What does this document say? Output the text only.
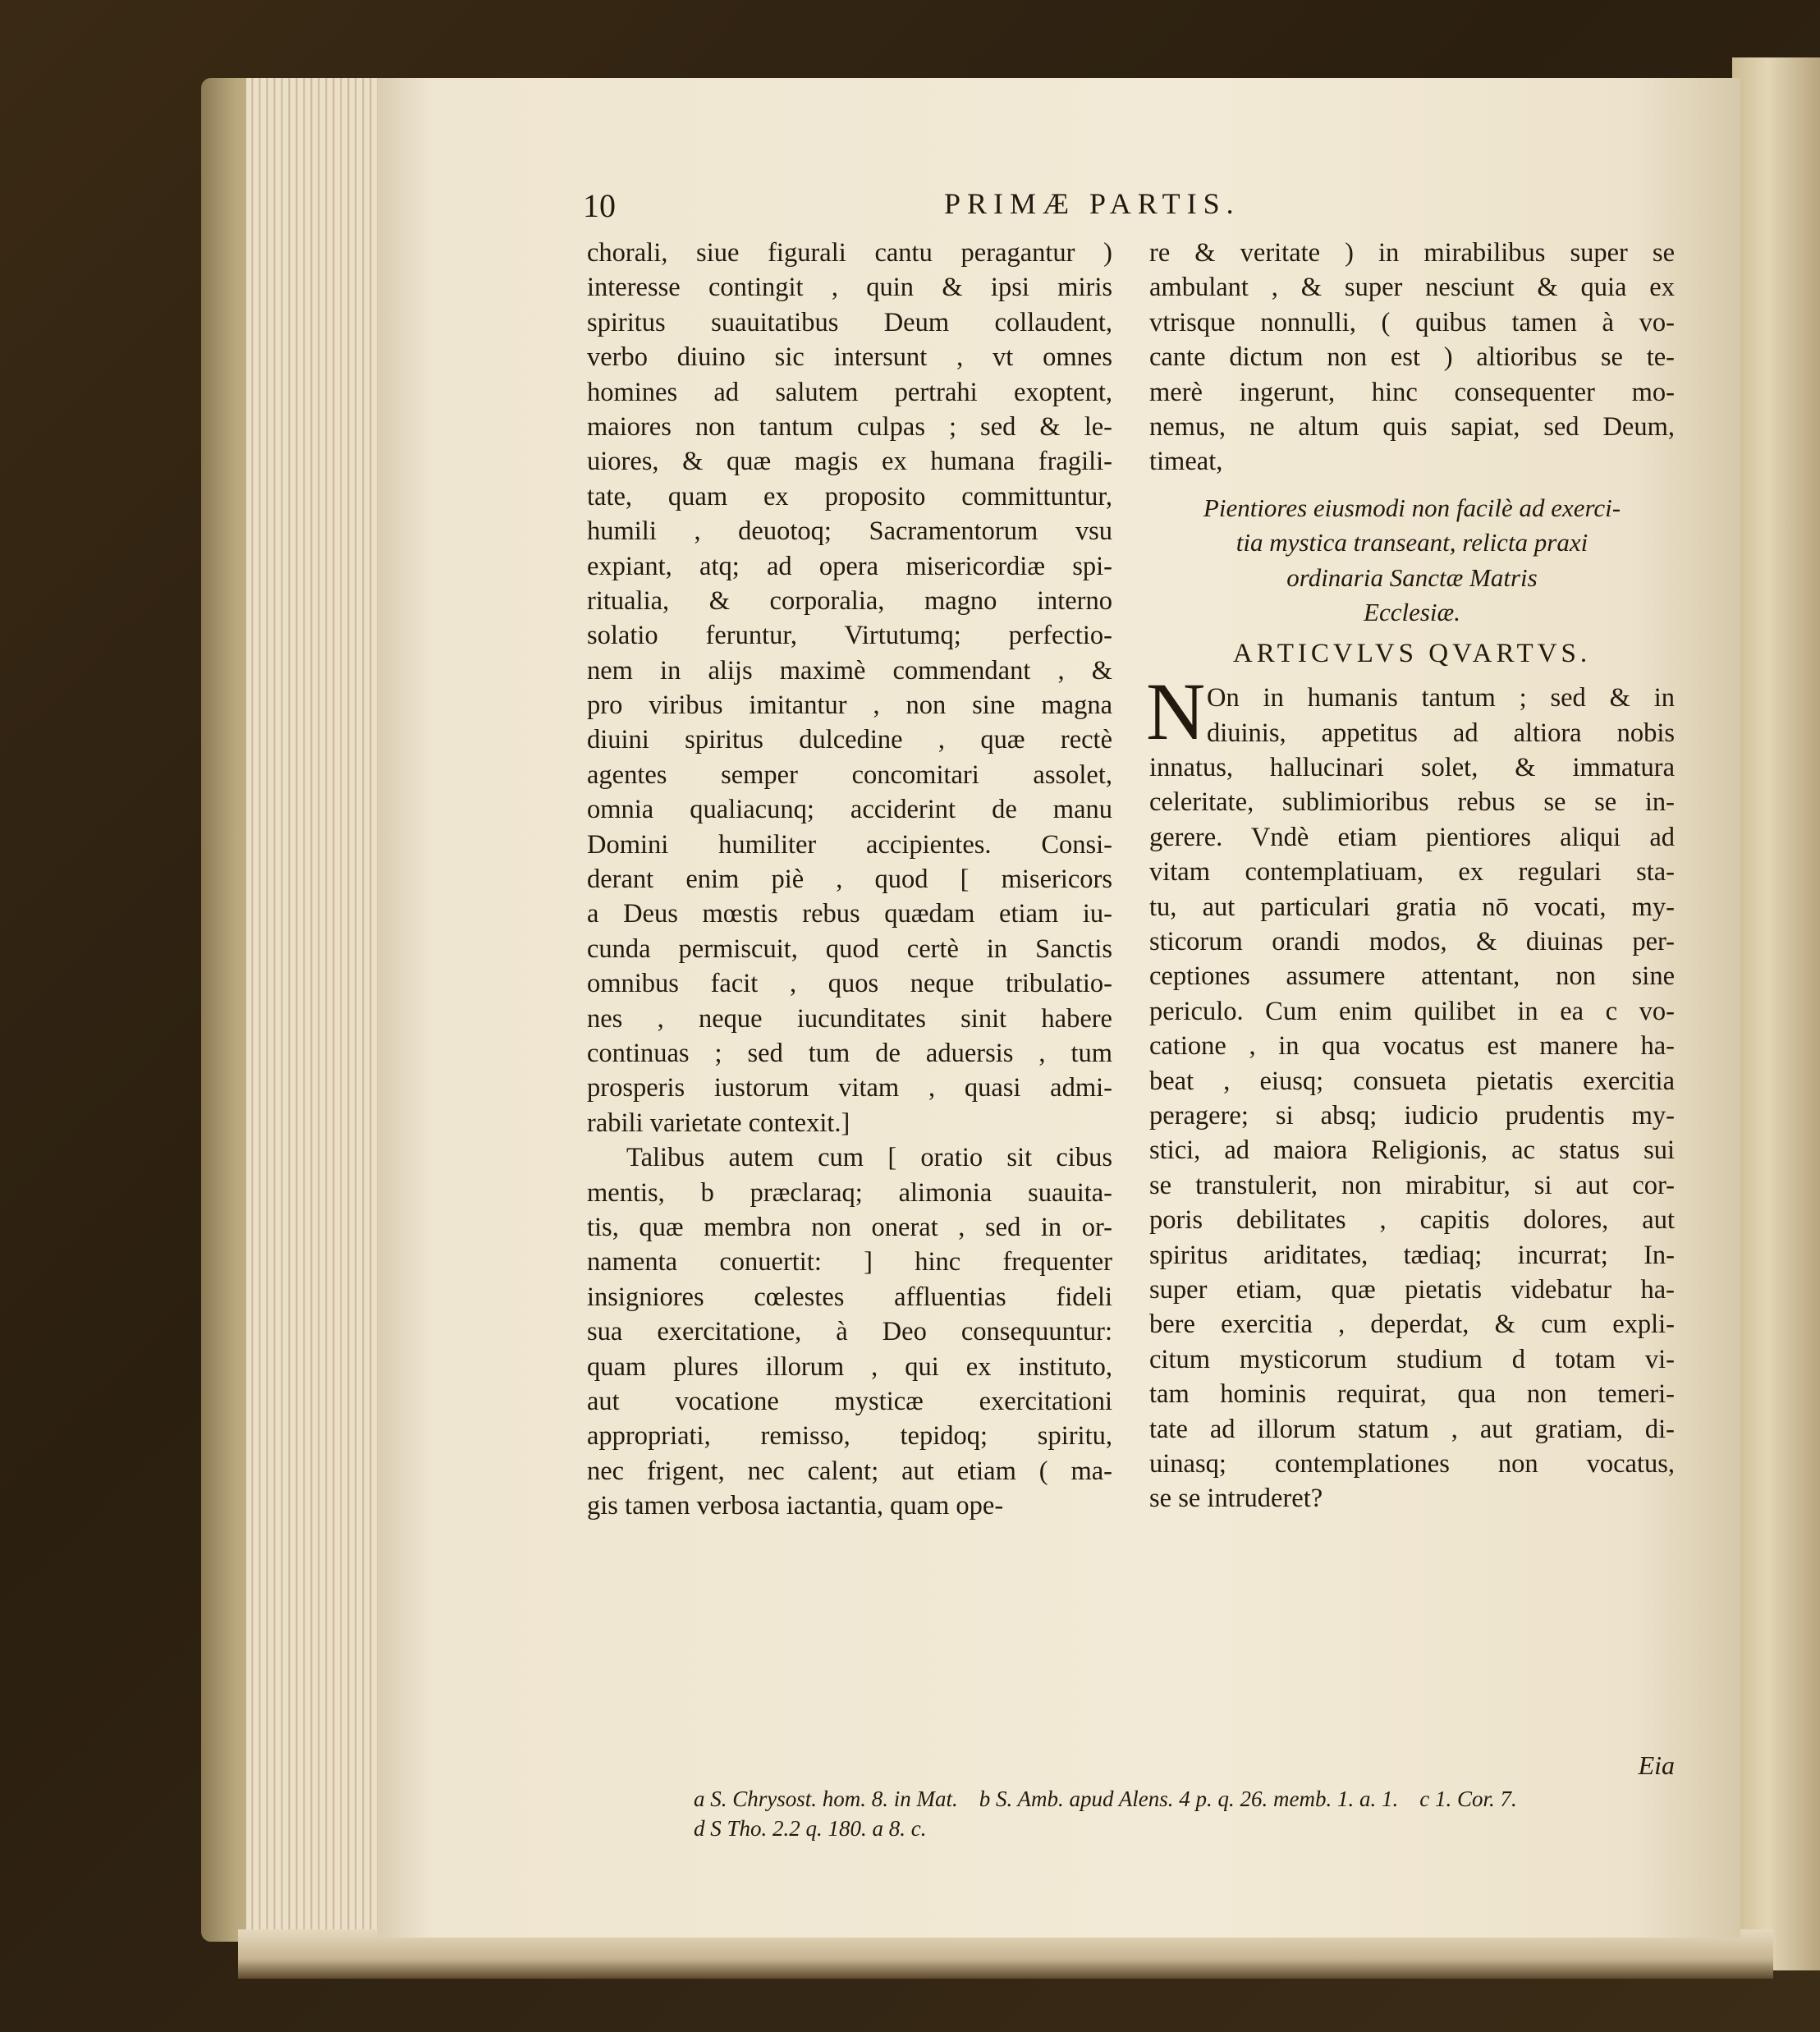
10	PRIMÆ PARTIS.
chorali, siue figurali cantu peragantur )
interesse contingit , quin & ipsi miris
spiritus suauitatibus Deum collaudent,
verbo diuino sic intersunt , vt omnes
homines ad salutem pertrahi exoptent,
maiores non tantum culpas ; sed & le-
uiores, & quæ magis ex humana fragili-
tate, quam ex proposito committuntur,
humili , deuotoq; Sacramentorum vsu
expiant, atq; ad opera misericordiæ spi-
ritualia, & corporalia, magno interno
solatio feruntur, Virtutumq; perfectio-
nem in alijs maximè commendant , &
pro viribus imitantur , non sine magna
diuini spiritus dulcedine , quæ rectè
agentes semper concomitari assolet,
omnia qualiacunq; acciderint de manu
Domini humiliter accipientes. Consi-
derant enim piè , quod [ misericors
a Deus mœstis rebus quædam etiam iu-
cunda permiscuit, quod certè in Sanctis
omnibus facit , quos neque tribulatio-
nes , neque iucunditates sinit habere
continuas ; sed tum de aduersis , tum
prosperis iustorum vitam , quasi admi-
rabili varietate contexit.]
Talibus autem cum [ oratio sit cibus
mentis, b præclaraq; alimonia suauita-
tis, quæ membra non onerat , sed in or-
namenta conuertit: ] hinc frequenter
insigniores cœlestes affluentias fideli
sua exercitatione, à Deo consequuntur:
quam plures illorum , qui ex instituto,
aut vocatione mysticæ exercitationi
appropriati, remisso, tepidoq; spiritu,
nec frigent, nec calent; aut etiam ( ma-
gis tamen verbosa iactantia, quam ope-
re & veritate ) in mirabilibus super se
ambulant , & super nesciunt & quia ex
vtrisque nonnulli, ( quibus tamen à vo-
cante dictum non est ) altioribus se te-
merè ingerunt, hinc consequenter mo-
nemus, ne altum quis sapiat, sed Deum,
timeat,
Pientiores eiusmodi non facilè ad exerci-
tia mystica transeant, relicta praxi
ordinaria Sanctæ Matris
Ecclesiæ.
ARTICVLVS QVARTVS.
N On in humanis tantum ; sed & in
diuinis, appetitus ad altiora nobis
innatus, hallucinari solet, & immatura
celeritate, sublimioribus rebus se se in-
gerere. Vndè etiam pientiores aliqui ad
vitam contemplatiuam, ex regulari sta-
tu, aut particulari gratia nō vocati, my-
sticorum orandi modos, & diuinas per-
ceptiones assumere attentant, non sine
periculo. Cum enim quilibet in ea c vo-
catione , in qua vocatus est manere ha-
beat , eiusq; consueta pietatis exercitia
peragere; si absq; iudicio prudentis my-
stici, ad maiora Religionis, ac status sui
se transtulerit, non mirabitur, si aut cor-
poris debilitates , capitis dolores, aut
spiritus ariditates, tædiaq; incurrat; In-
super etiam, quæ pietatis videbatur ha-
bere exercitia , deperdat, & cum expli-
citum mysticorum studium d totam vi-
tam hominis requirat, qua non temeri-
tate ad illorum statum , aut gratiam, di-
uinasq; contemplationes non vocatus,
se se intruderet?
Eia
a S. Chrysost. hom. 8. in Mat. b S. Amb. apud Alens. 4 p. q. 26. memb. 1. a. 1. c 1. Cor. 7.
d S Tho. 2.2 q. 180. a 8. c.
